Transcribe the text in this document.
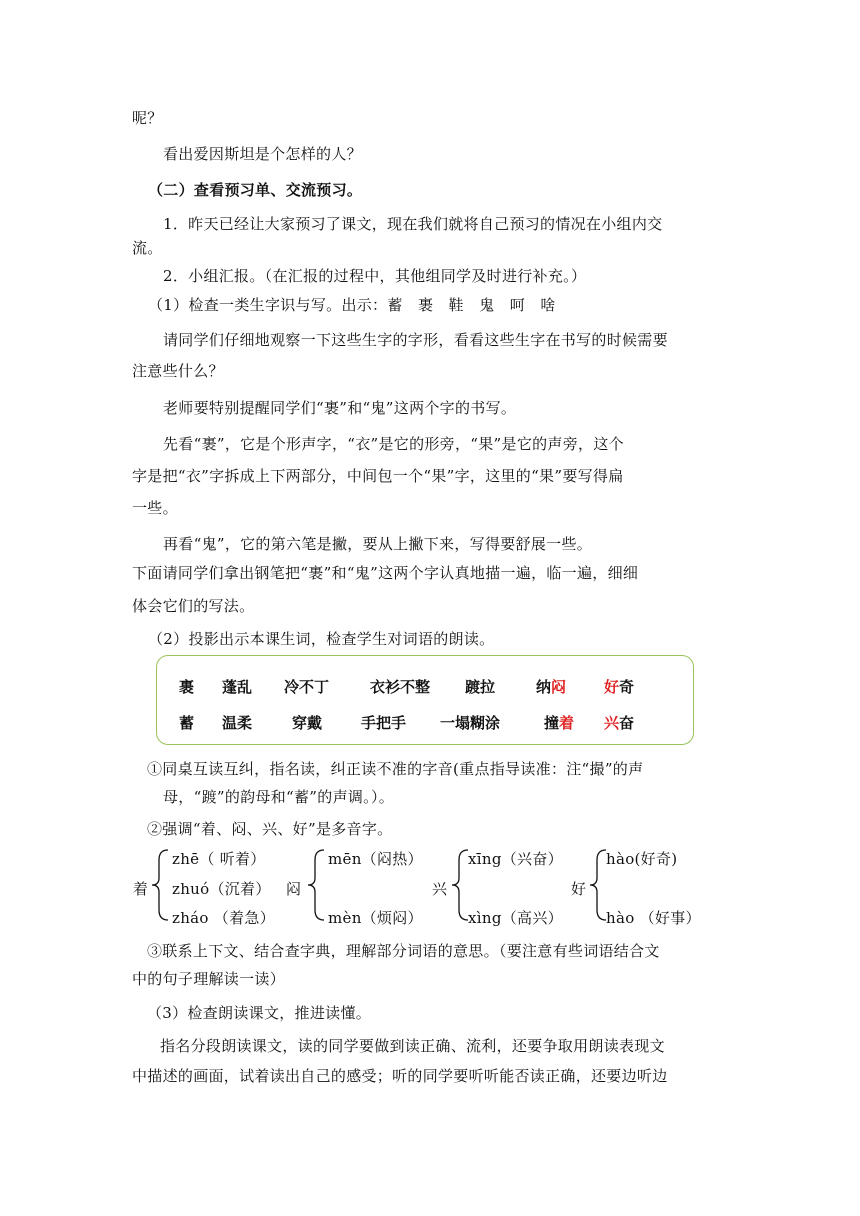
呢？
看出爱因斯坦是个怎样的人？
（二）查看预习单、交流预习。
1．昨天已经让大家预习了课文，现在我们就将自己预习的情况在小组内交
流。
2．小组汇报。（在汇报的过程中，其他组同学及时进行补充。）
（1）检查一类生字识与写。出示：蓄　裹　鞋　鬼　呵　啥
请同学们仔细地观察一下这些生字的字形，看看这些生字在书写的时候需要
注意些什么？
老师要特别提醒同学们“裹”和“鬼”这两个字的书写。
先看“裹”，它是个形声字，“衣”是它的形旁，“果”是它的声旁，这个
字是把“衣”字拆成上下两部分，中间包一个“果”字，这里的“果”要写得扁
一些。
再看“鬼”，它的第六笔是撇，要从上撇下来，写得要舒展一些。
下面请同学们拿出钢笔把“裹”和“鬼”这两个字认真地描一遍，临一遍，细细
体会它们的写法。
（2）投影出示本课生词，检查学生对词语的朗读。
裹 蓬乱 冷不丁	衣衫不整 踱拉	纳闷	好奇
蓄 温柔	穿戴	手把手 一塌糊涂	撞着 兴奋
①同桌互读互纠，指名读，纠正读不准的字音(重点指导读准：注“撮”的声
母，“踱”的韵母和“蓄”的声调。）。
②强调“着、闷、兴、好”是多音字。
着
zhē（ 听着）
zhuó（沉着）
zháo （着急）
闷
mēn（闷热）
mèn（烦闷）
兴
xīng（兴奋）
xìng（高兴）
好
hào(好奇)
hào （好事）
③联系上下文、结合查字典，理解部分词语的意思。（要注意有些词语结合文
中的句子理解读一读）
（3）检查朗读课文，推进读懂。
指名分段朗读课文，读的同学要做到读正确、流利，还要争取用朗读表现文
中描述的画面，试着读出自己的感受；听的同学要听听能否读正确，还要边听边
